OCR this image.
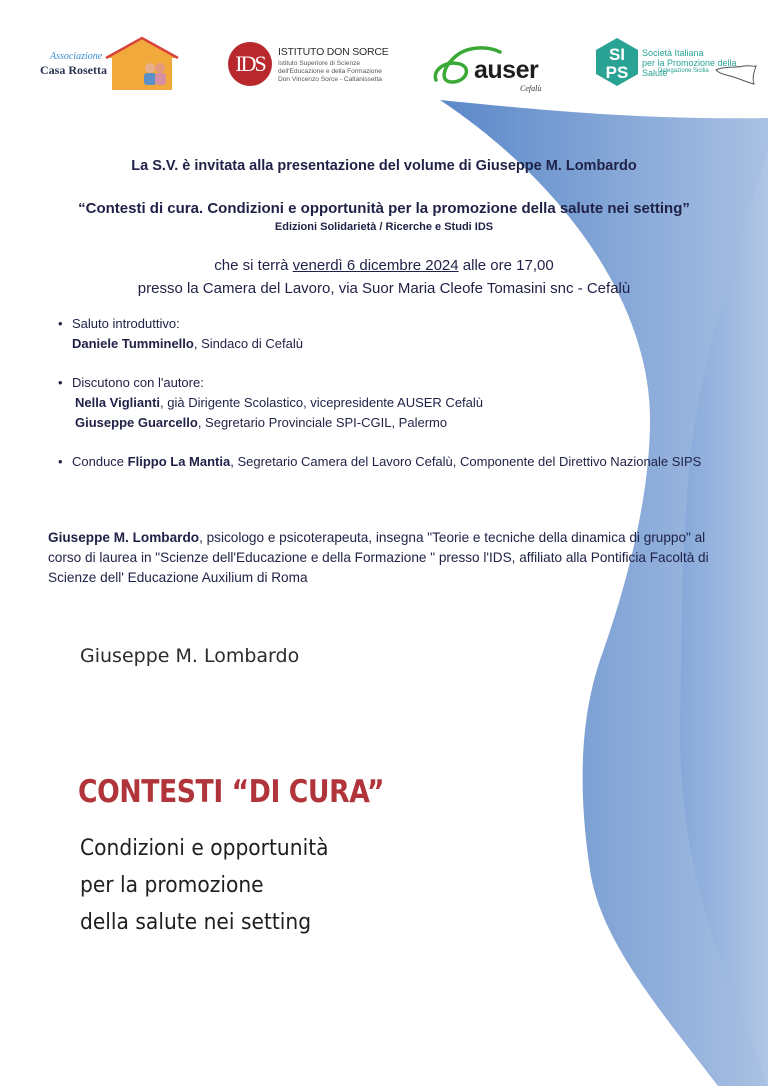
Associazione
Casa Rosetta	IDS	ISTITUTO DON SORCE
Istituto Superiore di Scienze
dell'Educazione e della Formazione
Don Vincenzo Sorce - Caltanissetta	auser
Cefalù
SI
PS
Società Italiana
per la Promozione della Salute
Delegazione Sicilia
La S.V. è invitata alla presentazione del volume di Giuseppe M. Lombardo
“Contesti di cura. Condizioni e opportunità per la promozione della salute nei setting”
Edizioni Solidarietà / Ricerche e Studi IDS
che si terrà venerdì 6 dicembre 2024 alle ore 17,00
presso la Camera del Lavoro, via Suor Maria Cleofe Tomasini snc - Cefalù
• Saluto introduttivo:
Daniele Tumminello, Sindaco di Cefalù
• Discutono con l'autore:
Nella Viglianti, già Dirigente Scolastico, vicepresidente AUSER Cefalù
Giuseppe Guarcello, Segretario Provinciale SPI-CGIL, Palermo
• Conduce Flippo La Mantia, Segretario Camera del Lavoro Cefalù, Componente del Direttivo Nazionale SIPS
Giuseppe M. Lombardo, psicologo e psicoterapeuta, insegna "Teorie e tecniche della dinamica di gruppo" al corso di laurea in "Scienze dell'Educazione e della Formazione " presso l'IDS, affiliato alla Pontificia Facoltà di Scienze dell' Educazione Auxilium di Roma
Giuseppe M. Lombardo
CONTESTI “DI CURA”
Condizioni e opportunità
per la promozione
della salute nei setting
